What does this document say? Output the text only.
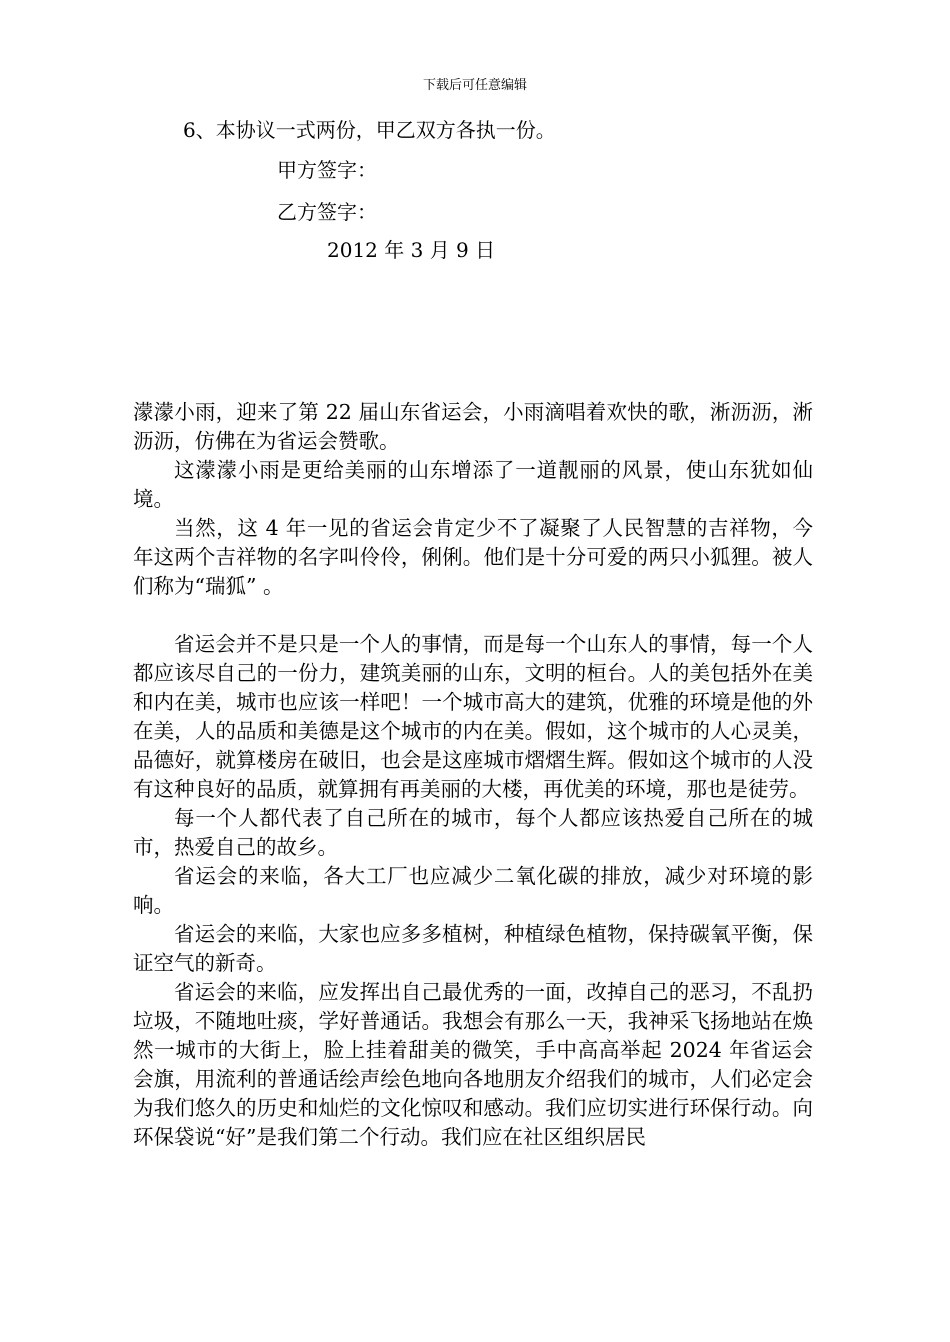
下载后可任意编辑
6、本协议一式两份，甲乙双方各执一份。
甲方签字：
乙方签字：
2012 年 3 月 9 日

濛濛小雨，迎来了第 22 届山东省运会，小雨滴唱着欢快的歌，淅沥沥，淅沥沥，仿佛在为省运会赞歌。

这濛濛小雨是更给美丽的山东增添了一道靓丽的风景，使山东犹如仙境。

当然，这 4 年一见的省运会肯定少不了凝聚了人民智慧的吉祥物，今年这两个吉祥物的名字叫伶伶，俐俐。他们是十分可爱的两只小狐狸。被人们称为“瑞狐” 。

省运会并不是只是一个人的事情，而是每一个山东人的事情，每一个人都应该尽自己的一份力，建筑美丽的山东，文明的桓台。人的美包括外在美和内在美，城市也应该一样吧！一个城市高大的建筑，优雅的环境是他的外在美，人的品质和美德是这个城市的内在美。假如，这个城市的人心灵美，品德好，就算楼房在破旧，也会是这座城市熠熠生辉。假如这个城市的人没有这种良好的品质，就算拥有再美丽的大楼，再优美的环境，那也是徒劳。

每一个人都代表了自己所在的城市，每个人都应该热爱自己所在的城市，热爱自己的故乡。

省运会的来临，各大工厂也应减少二氧化碳的排放，减少对环境的影响。

省运会的来临，大家也应多多植树，种植绿色植物，保持碳氧平衡，保证空气的新奇。

省运会的来临，应发挥出自己最优秀的一面，改掉自己的恶习，不乱扔垃圾，不随地吐痰，学好普通话。我想会有那么一天，我神采飞扬地站在焕然一城市的大街上，脸上挂着甜美的微笑，手中高高举起 2024 年省运会会旗，用流利的普通话绘声绘色地向各地朋友介绍我们的城市，人们必定会为我们悠久的历史和灿烂的文化惊叹和感动。我们应切实进行环保行动。向环保袋说“好”是我们第二个行动。我们应在社区组织居民
